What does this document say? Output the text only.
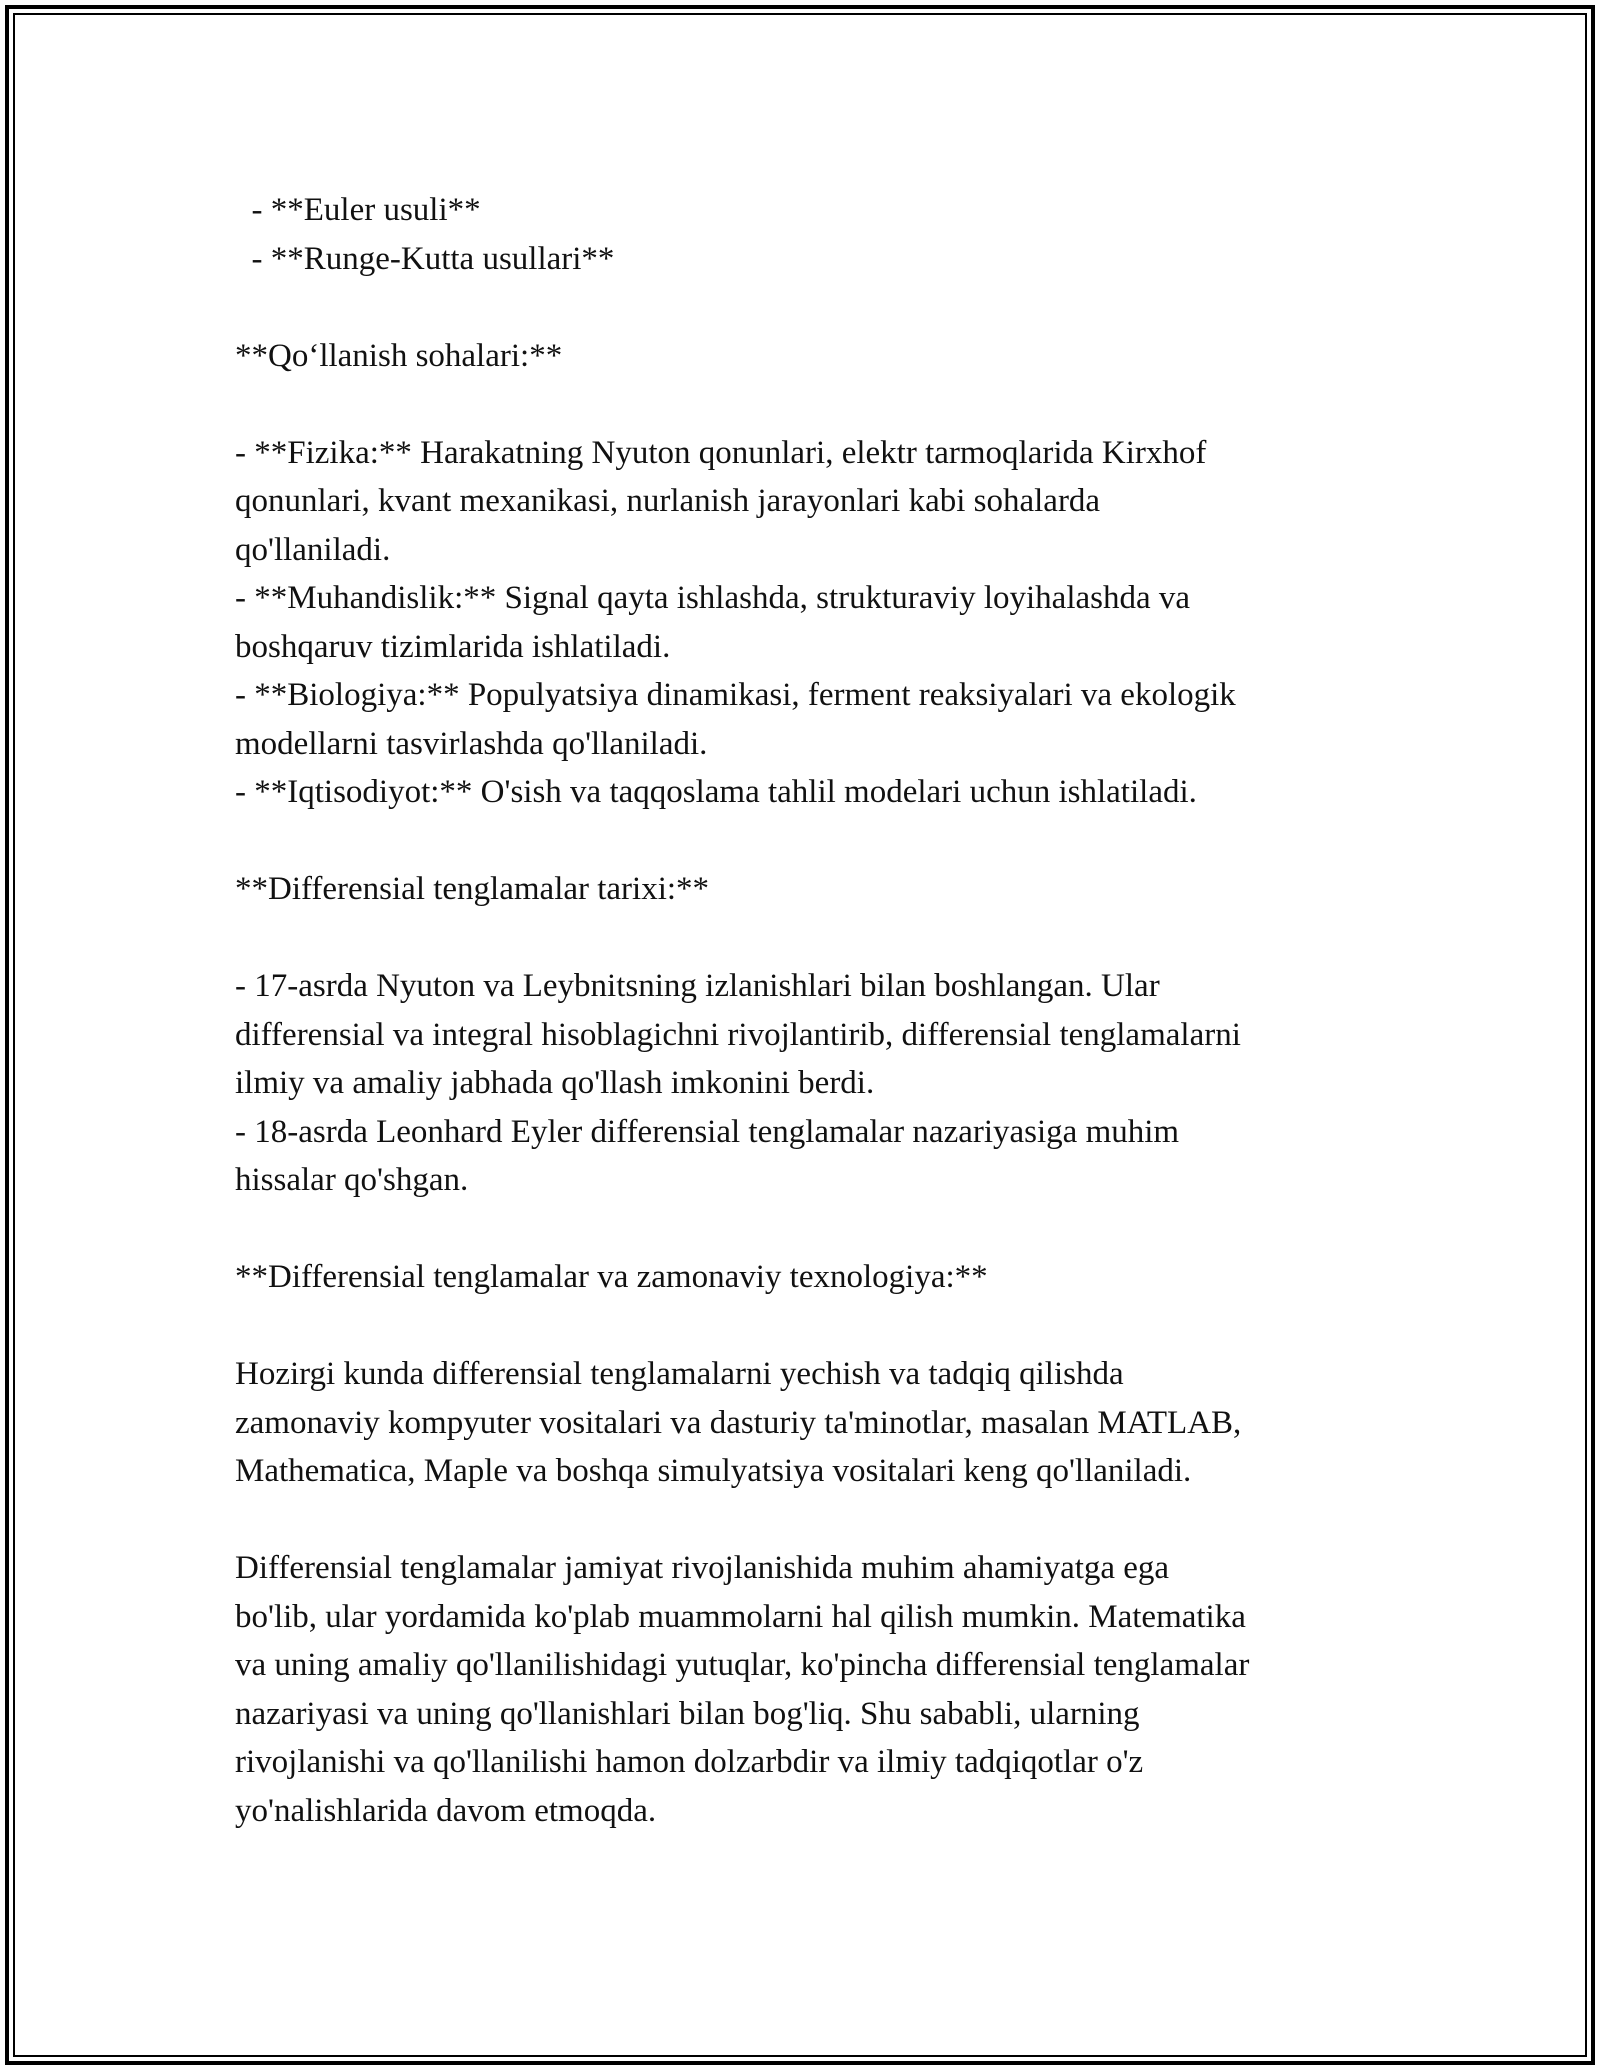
- **Euler usuli**

- **Runge-Kutta usullari**

**Qo‘llanish sohalari:**

- **Fizika:** Harakatning Nyuton qonunlari, elektr tarmoqlarida Kirxhof

qonunlari, kvant mexanikasi, nurlanish jarayonlari kabi sohalarda

qo'llaniladi.

- **Muhandislik:** Signal qayta ishlashda, strukturaviy loyihalashda va

boshqaruv tizimlarida ishlatiladi.

- **Biologiya:** Populyatsiya dinamikasi, ferment reaksiyalari va ekologik

modellarni tasvirlashda qo'llaniladi.

- **Iqtisodiyot:** O'sish va taqqoslama tahlil modelari uchun ishlatiladi.

**Differensial tenglamalar tarixi:**

- 17-asrda Nyuton va Leybnitsning izlanishlari bilan boshlangan. Ular

differensial va integral hisoblagichni rivojlantirib, differensial tenglamalarni

ilmiy va amaliy jabhada qo'llash imkonini berdi.

- 18-asrda Leonhard Eyler differensial tenglamalar nazariyasiga muhim

hissalar qo'shgan.

**Differensial tenglamalar va zamonaviy texnologiya:**

Hozirgi kunda differensial tenglamalarni yechish va tadqiq qilishda

zamonaviy kompyuter vositalari va dasturiy ta'minotlar, masalan MATLAB,

Mathematica, Maple va boshqa simulyatsiya vositalari keng qo'llaniladi.

Differensial tenglamalar jamiyat rivojlanishida muhim ahamiyatga ega

bo'lib, ular yordamida ko'plab muammolarni hal qilish mumkin. Matematika

va uning amaliy qo'llanilishidagi yutuqlar, ko'pincha differensial tenglamalar

nazariyasi va uning qo'llanishlari bilan bog'liq. Shu sababli, ularning

rivojlanishi va qo'llanilishi hamon dolzarbdir va ilmiy tadqiqotlar o'z

yo'nalishlarida davom etmoqda.
